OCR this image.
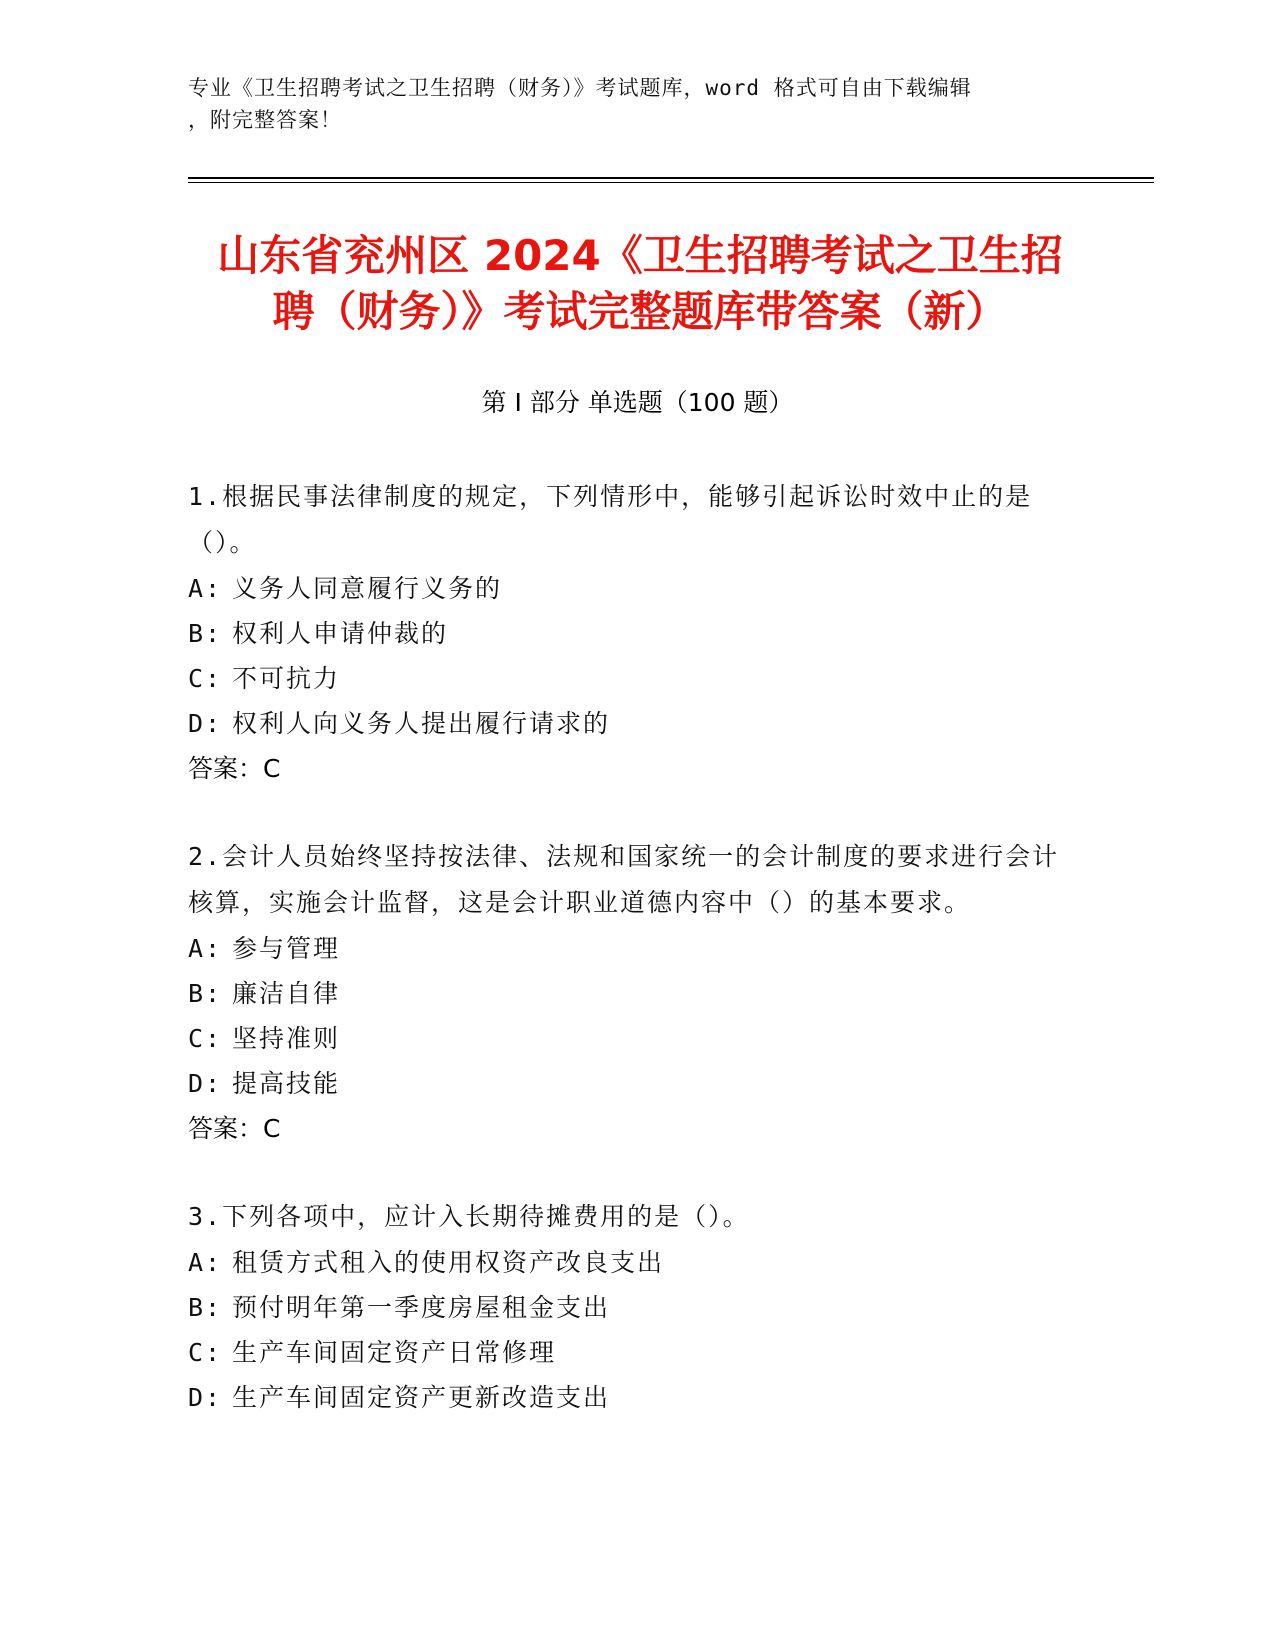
专业《卫生招聘考试之卫生招聘（财务）》考试题库，word 格式可自由下载编辑
，附完整答案！
山东省兖州区 2024《卫生招聘考试之卫生招
聘（财务）》考试完整题库带答案（新）
第 I 部分 单选题（100 题）
1.根据民事法律制度的规定，下列情形中，能够引起诉讼时效中止的是（）。
A: 义务人同意履行义务的
B: 权利人申请仲裁的
C: 不可抗力
D: 权利人向义务人提出履行请求的
答案：C
2.会计人员始终坚持按法律、法规和国家统一的会计制度的要求进行会计核算，实施会计监督，这是会计职业道德内容中（）的基本要求。
A: 参与管理
B: 廉洁自律
C: 坚持准则
D: 提高技能
答案：C
3.下列各项中，应计入长期待摊费用的是（）。
A: 租赁方式租入的使用权资产改良支出
B: 预付明年第一季度房屋租金支出
C: 生产车间固定资产日常修理
D: 生产车间固定资产更新改造支出
